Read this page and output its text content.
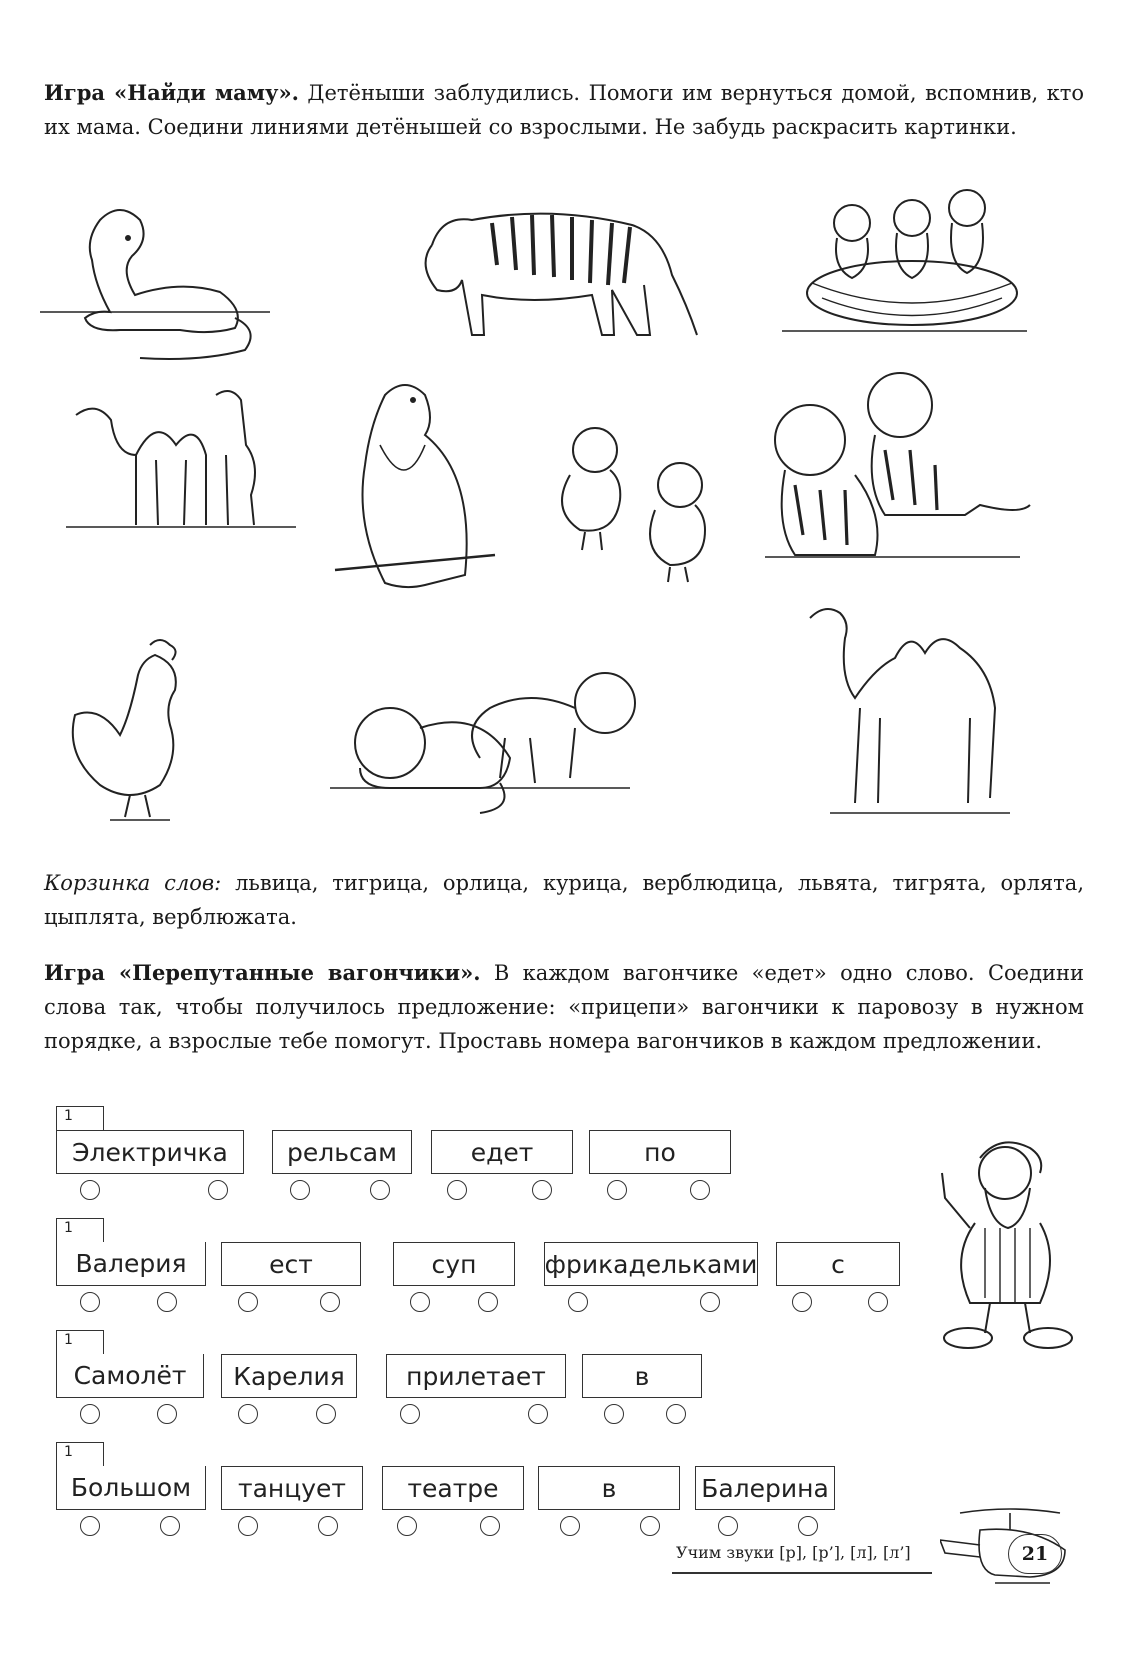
Игра «Найди маму». Детёныши заблудились. Помоги им вернуться домой, вспомнив, кто их мама. Соедини линиями детёнышей со взрослыми. Не забудь раскрасить картинки.

Корзинка слов: львица, тигрица, орлица, курица, верблюдица, львята, тигрята, орлята, цыплята, верблюжата.

Игра «Перепутанные вагончики». В каждом вагончике «едет» одно слово. Соедини слова так, чтобы получилось предложение: «прицепи» вагончики к паровозу в нужном порядке, а взрослые тебе помогут. Проставь номера вагончиков в каждом предложении.

1
Электричка	рельсам	едет	по
1
Валерия	ест	суп	фрикадельками	с
1
Самолёт	Карелия	прилетает	в
1
Большом	танцует	театре	в	Балерина
Учим звуки [р], [р’], [л], [л’]	21
